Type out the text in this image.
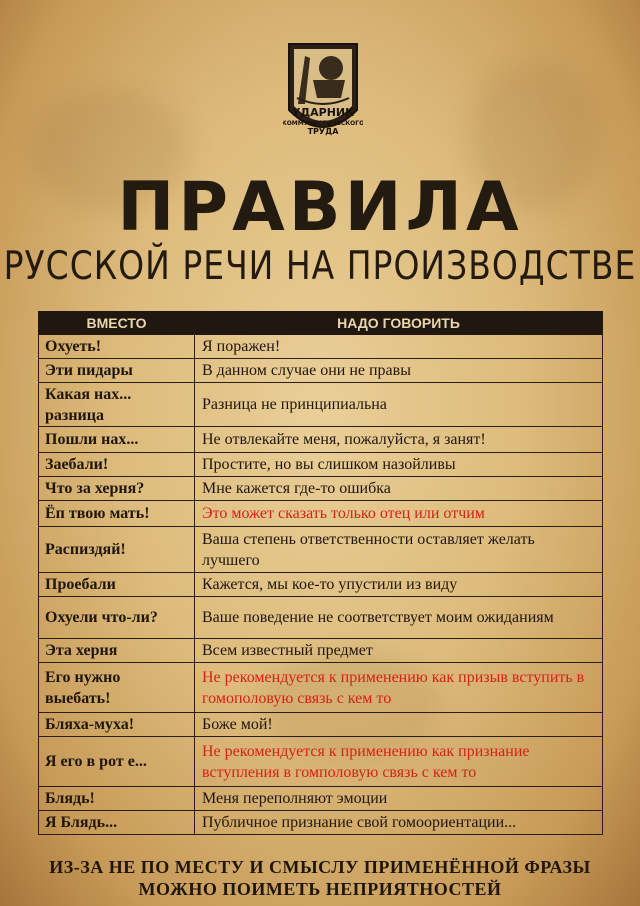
УДАРНИК
КОММУНИСТИЧЕСКОГО
ТРУДА
ПРАВИЛА
РУССКОЙ РЕЧИ НА ПРОИЗВОДСТВЕ
ВМЕСТО	НАДО ГОВОРИТЬ
Охуеть!	Я поражен!
Эти пидары	В данном случае они не правы
Какая нах... разница	Разница не принципиальна
Пошли нах...	Не отвлекайте меня, пожалуйста, я занят!
Заебали!	Простите, но вы слишком назойливы
Что за херня?	Мне кажется где-то ошибка
Ёп твою мать!	Это может сказать только отец или отчим
Распиздяй!	Ваша степень ответственности оставляет желать лучшего
Проебали	Кажется, мы кое-то упустили из виду
Охуели что-ли?	Ваше поведение не соответствует моим ожиданиям
Эта херня	Всем известный предмет
Его нужно выебать!	Не рекомендуется к применению как призыв вступить в гомополовую связь с кем то
Бляха-муха!	Боже мой!
Я его в рот е...	Не рекомендуется к применению как признание вступления в гомполовую связь с кем то
Блядь!	Меня переполняют эмоции
Я Блядь...	Публичное признание свой гомоориентации...
ИЗ-ЗА НЕ ПО МЕСТУ И СМЫСЛУ ПРИМЕНЁННОЙ ФРАЗЫ
МОЖНО ПОИМЕТЬ НЕПРИЯТНОСТЕЙ
